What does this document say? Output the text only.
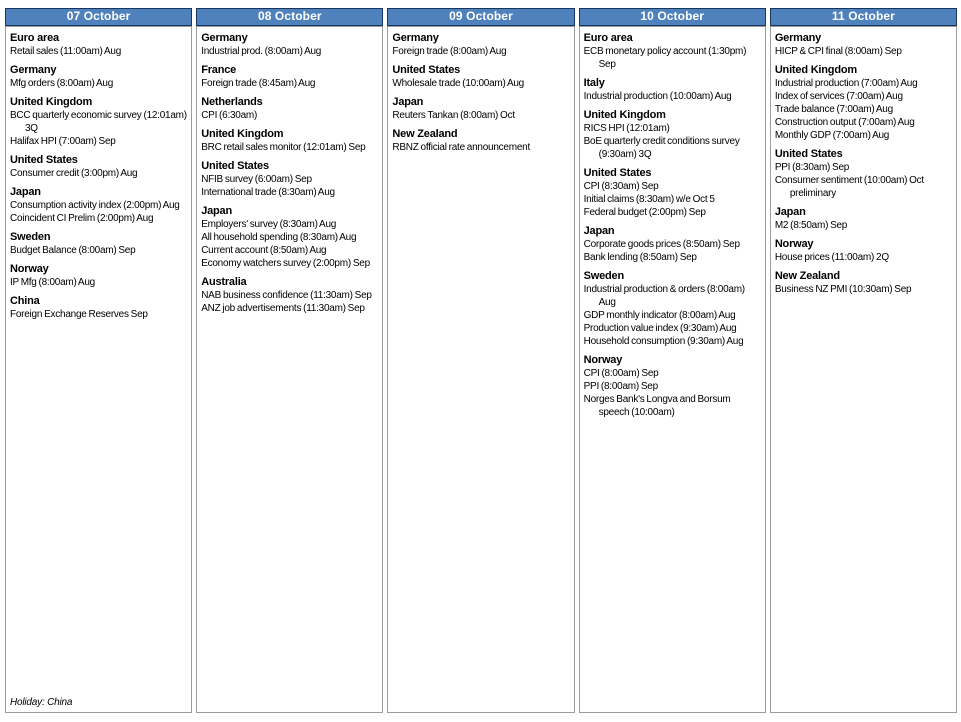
07 October
Euro area
Retail sales (11:00am) Aug
Germany
Mfg orders (8:00am) Aug
United Kingdom
BCC quarterly economic survey (12:01am) 3Q
Halifax HPI (7:00am) Sep
United States
Consumer credit (3:00pm) Aug
Japan
Consumption activity index (2:00pm) Aug
Coincident CI Prelim (2:00pm) Aug
Sweden
Budget Balance (8:00am) Sep
Norway
IP Mfg (8:00am) Aug
China
Foreign Exchange Reserves Sep
Holiday: China
08 October
Germany
Industrial prod. (8:00am) Aug
France
Foreign trade (8:45am) Aug
Netherlands
CPI (6:30am)
United Kingdom
BRC retail sales monitor (12:01am) Sep
United States
NFIB survey (6:00am) Sep
International trade (8:30am) Aug
Japan
Employers' survey (8:30am) Aug
All household spending (8:30am) Aug
Current account (8:50am) Aug
Economy watchers survey (2:00pm) Sep
Australia
NAB business confidence (11:30am) Sep
ANZ job advertisements (11:30am) Sep
09 October
Germany
Foreign trade (8:00am) Aug
United States
Wholesale trade (10:00am) Aug
Japan
Reuters Tankan (8:00am) Oct
New Zealand
RBNZ official rate announcement
10 October
Euro area
ECB monetary policy account (1:30pm) Sep
Italy
Industrial production (10:00am) Aug
United Kingdom
RICS HPI (12:01am)
BoE quarterly credit conditions survey (9:30am) 3Q
United States
CPI (8:30am) Sep
Initial claims (8:30am) w/e Oct 5
Federal budget (2:00pm) Sep
Japan
Corporate goods prices (8:50am) Sep
Bank lending (8:50am) Sep
Sweden
Industrial production & orders (8:00am) Aug
GDP monthly indicator (8:00am) Aug
Production value index (9:30am) Aug
Household consumption (9:30am) Aug
Norway
CPI (8:00am) Sep
PPI (8:00am) Sep
Norges Bank's Longva and Borsum speech (10:00am)
11 October
Germany
HICP & CPI final (8:00am) Sep
United Kingdom
Industrial production (7:00am) Aug
Index of services (7:00am) Aug
Trade balance (7:00am) Aug
Construction output (7:00am) Aug
Monthly GDP (7:00am) Aug
United States
PPI (8:30am) Sep
Consumer sentiment (10:00am) Oct preliminary
Japan
M2 (8:50am) Sep
Norway
House prices (11:00am) 2Q
New Zealand
Business NZ PMI (10:30am) Sep
